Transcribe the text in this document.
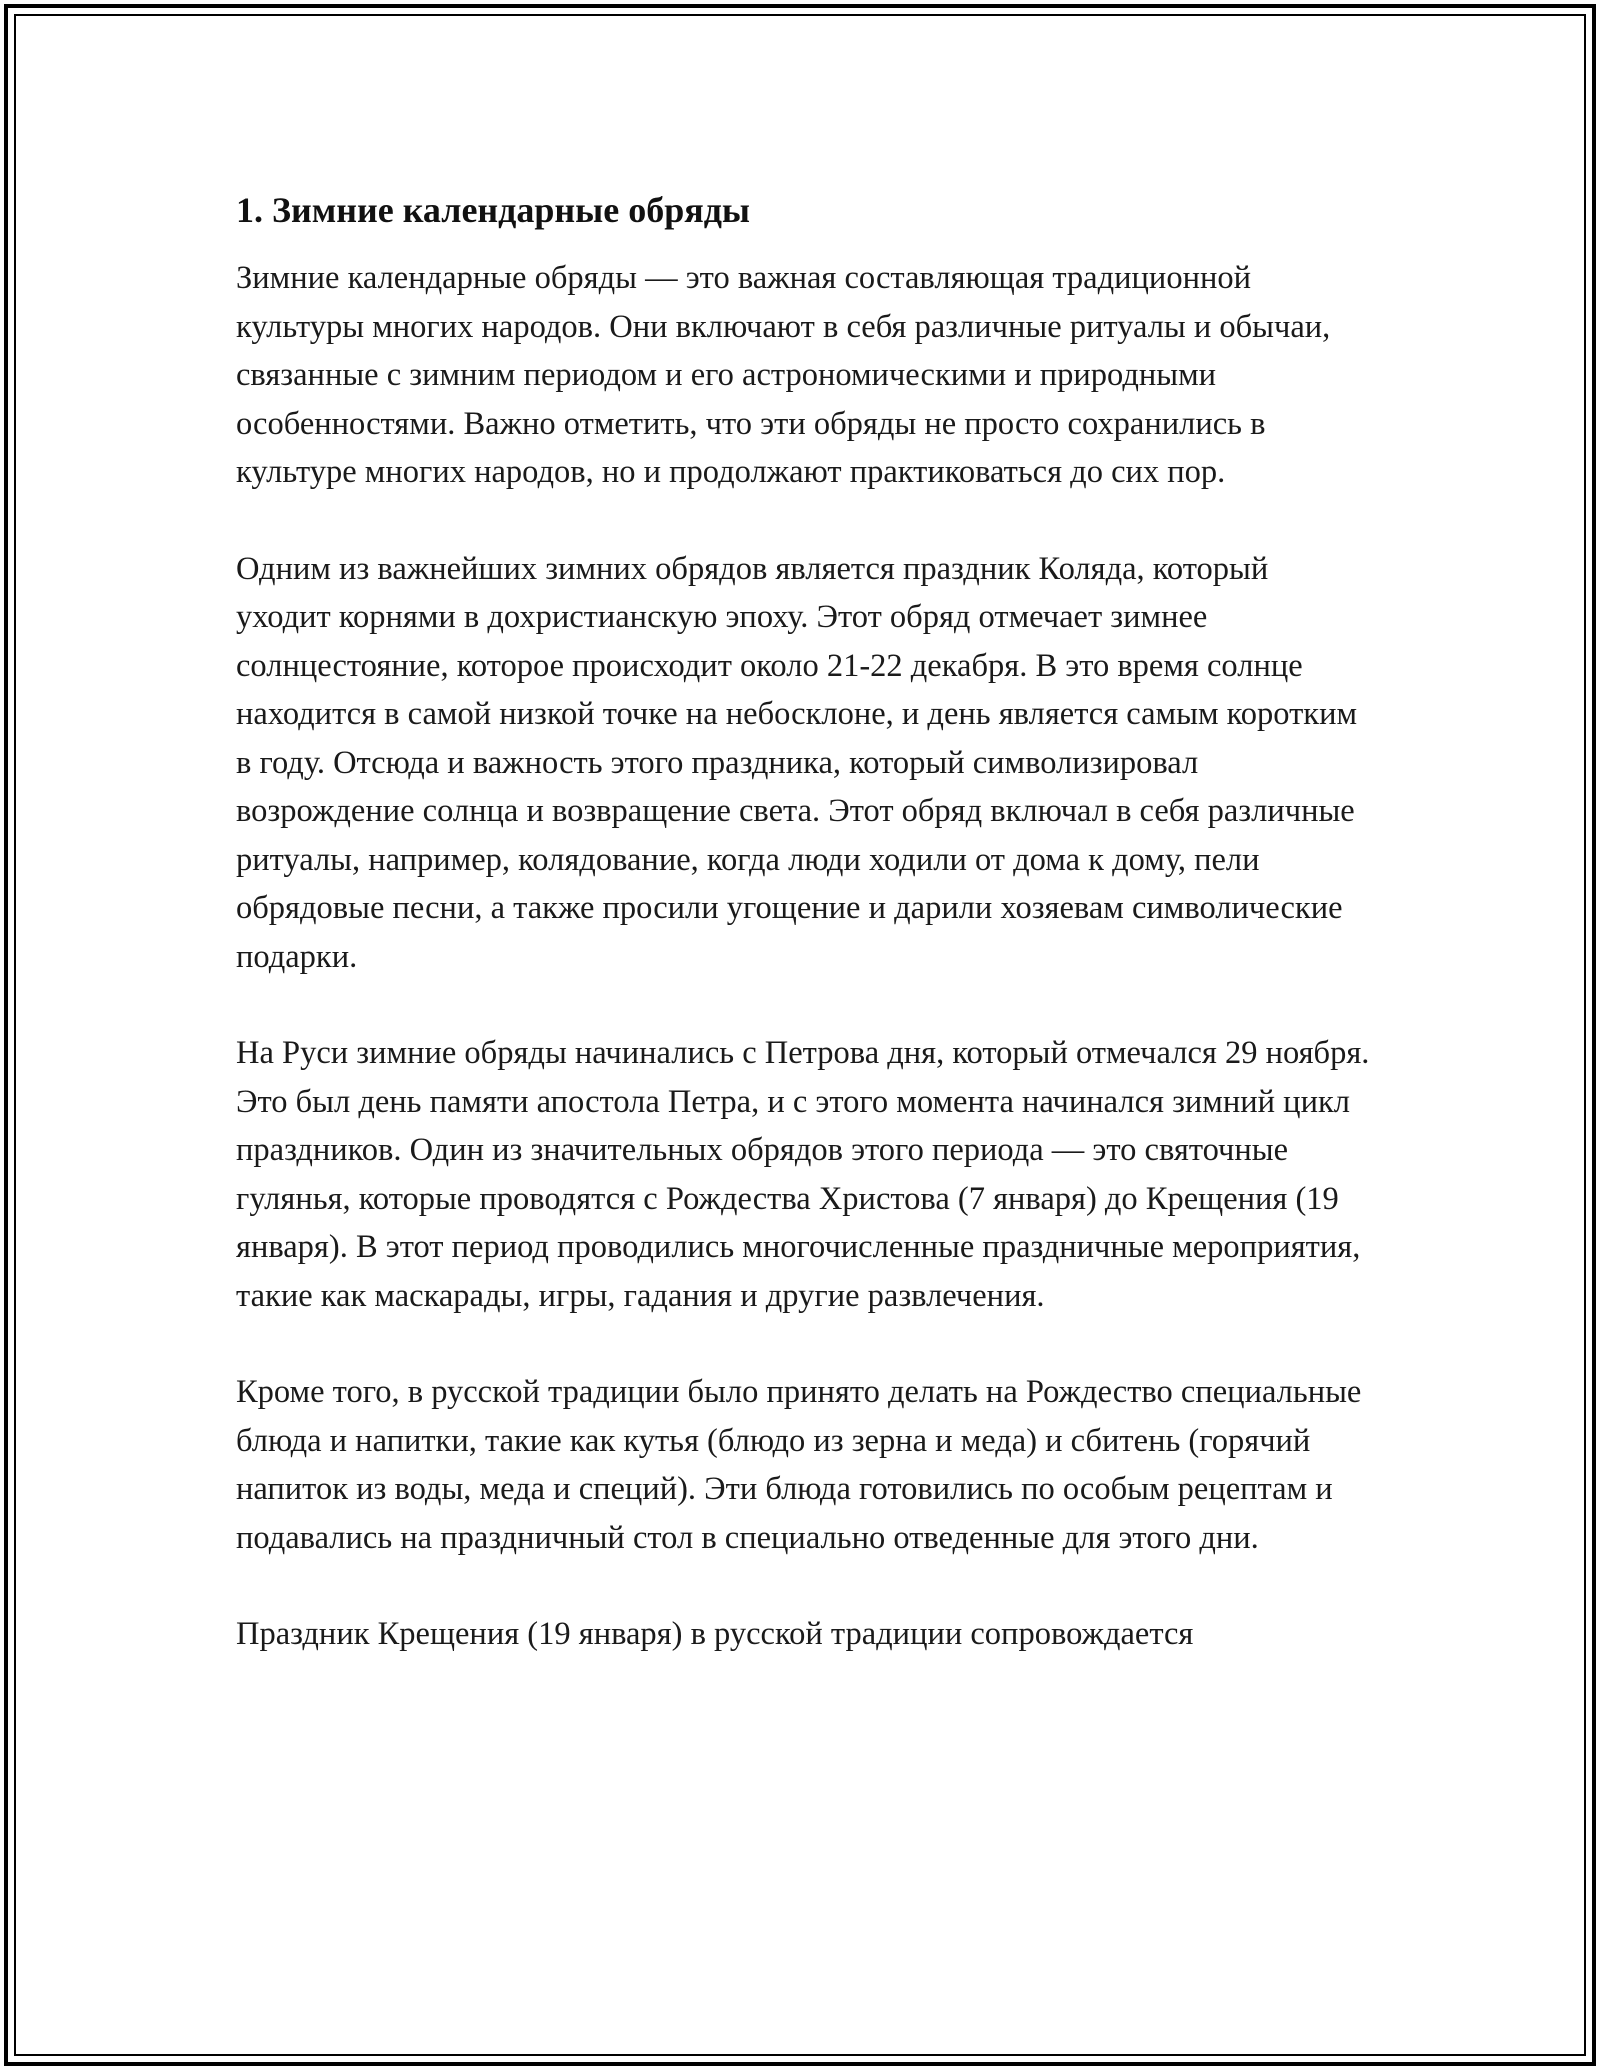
1. Зимние календарные обряды

Зимние календарные обряды — это важная составляющая традиционной культуры многих народов. Они включают в себя различные ритуалы и обычаи, связанные с зимним периодом и его астрономическими и природными особенностями. Важно отметить, что эти обряды не просто сохранились в культуре многих народов, но и продолжают практиковаться до сих пор.

Одним из важнейших зимних обрядов является праздник Коляда, который уходит корнями в дохристианскую эпоху. Этот обряд отмечает зимнее солнцестояние, которое происходит около 21-22 декабря. В это время солнце находится в самой низкой точке на небосклоне, и день является самым коротким в году. Отсюда и важность этого праздника, который символизировал возрождение солнца и возвращение света. Этот обряд включал в себя различные ритуалы, например, колядование, когда люди ходили от дома к дому, пели обрядовые песни, а также просили угощение и дарили хозяевам символические подарки.

На Руси зимние обряды начинались с Петрова дня, который отмечался 29 ноября. Это был день памяти апостола Петра, и с этого момента начинался зимний цикл праздников. Один из значительных обрядов этого периода — это святочные гулянья, которые проводятся с Рождества Христова (7 января) до Крещения (19 января). В этот период проводились многочисленные праздничные мероприятия, такие как маскарады, игры, гадания и другие развлечения.

Кроме того, в русской традиции было принято делать на Рождество специальные блюда и напитки, такие как кутья (блюдо из зерна и меда) и сбитень (горячий напиток из воды, меда и специй). Эти блюда готовились по особым рецептам и подавались на праздничный стол в специально отведенные для этого дни.

Праздник Крещения (19 января) в русской традиции сопровождается
